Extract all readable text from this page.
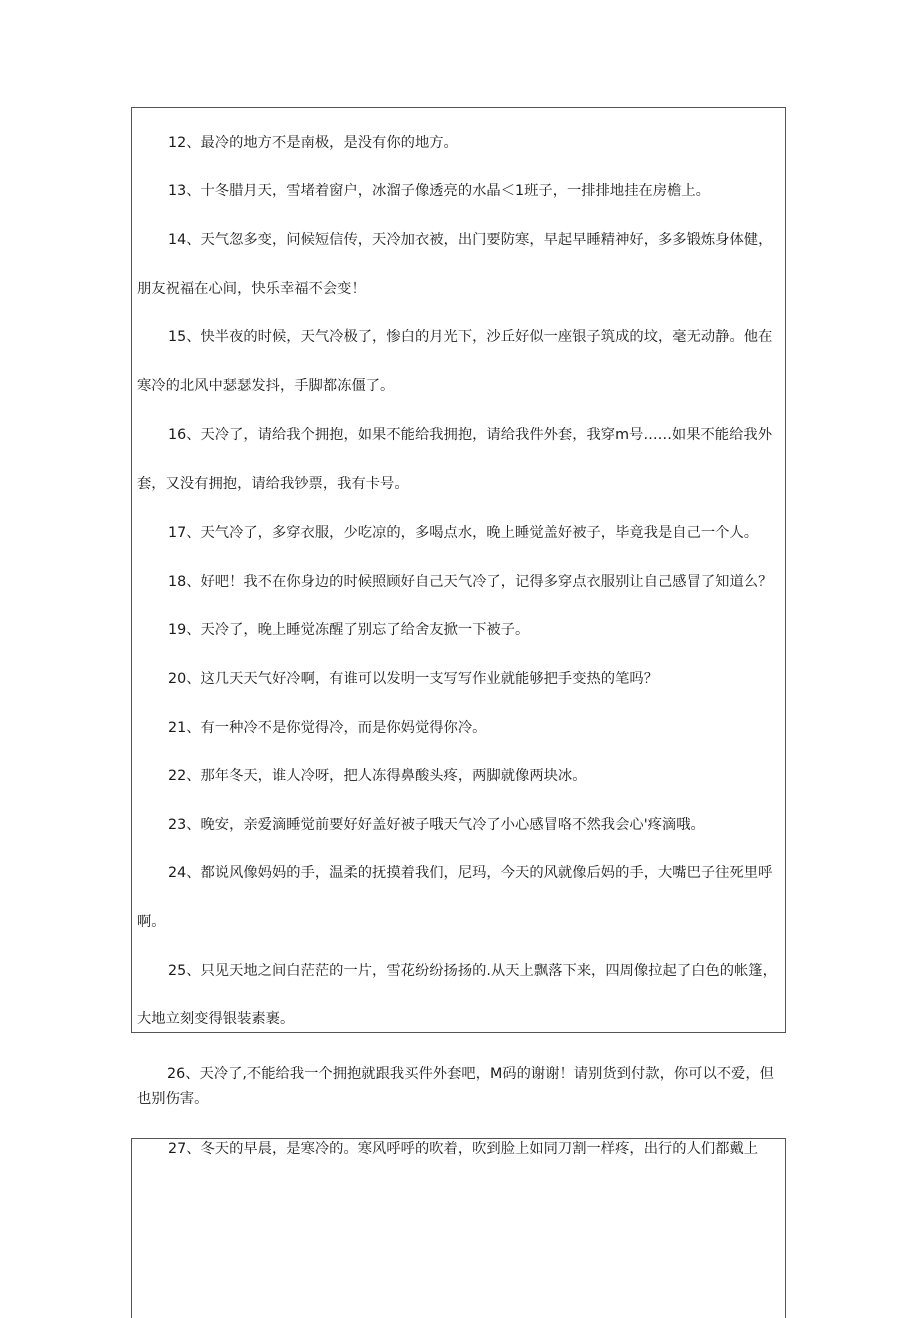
12、最冷的地方不是南极，是没有你的地方。

13、十冬腊月天，雪堵着窗户，冰溜子像透亮的水晶＜1班子，一排排地挂在房檐上。

14、天气忽多变，问候短信传，天冷加衣被，出门要防寒，早起早睡精神好，多多锻炼身体健，

朋友祝福在心间，快乐幸福不会变！

15、快半夜的时候，天气冷极了，惨白的月光下，沙丘好似一座银子筑成的坟，毫无动静。他在

寒冷的北风中瑟瑟发抖，手脚都冻僵了。

16、天冷了，请给我个拥抱，如果不能给我拥抱，请给我件外套，我穿m号……如果不能给我外

套，又没有拥抱，请给我钞票，我有卡号。

17、天气冷了，多穿衣服，少吃凉的，多喝点水，晚上睡觉盖好被子，毕竟我是自己一个人。

18、好吧！我不在你身边的时候照顾好自己天气冷了，记得多穿点衣服别让自己感冒了知道么？

19、天冷了，晚上睡觉冻醒了别忘了给舍友掀一下被子。

20、这几天天气好冷啊，有谁可以发明一支写写作业就能够把手变热的笔吗？

21、有一种冷不是你觉得冷，而是你妈觉得你冷。

22、那年冬天，谁人冷呀，把人冻得鼻酸头疼，两脚就像两块冰。

23、晚安，亲爱滴睡觉前要好好盖好被子哦天气冷了小心感冒咯不然我会心'疼滴哦。

24、都说风像妈妈的手，温柔的抚摸着我们，尼玛，今天的风就像后妈的手，大嘴巴子往死里呼

啊。

25、只见天地之间白茫茫的一片，雪花纷纷扬扬的.从天上飘落下来，四周像拉起了白色的帐篷，

大地立刻变得银装素裹。

26、天冷了,不能给我一个拥抱就跟我买件外套吧，M码的谢谢！请别货到付款，你可以不爱，但

也别伤害。

27、冬天的早晨，是寒冷的。寒风呼呼的吹着，吹到脸上如同刀割一样疼，出行的人们都戴上
